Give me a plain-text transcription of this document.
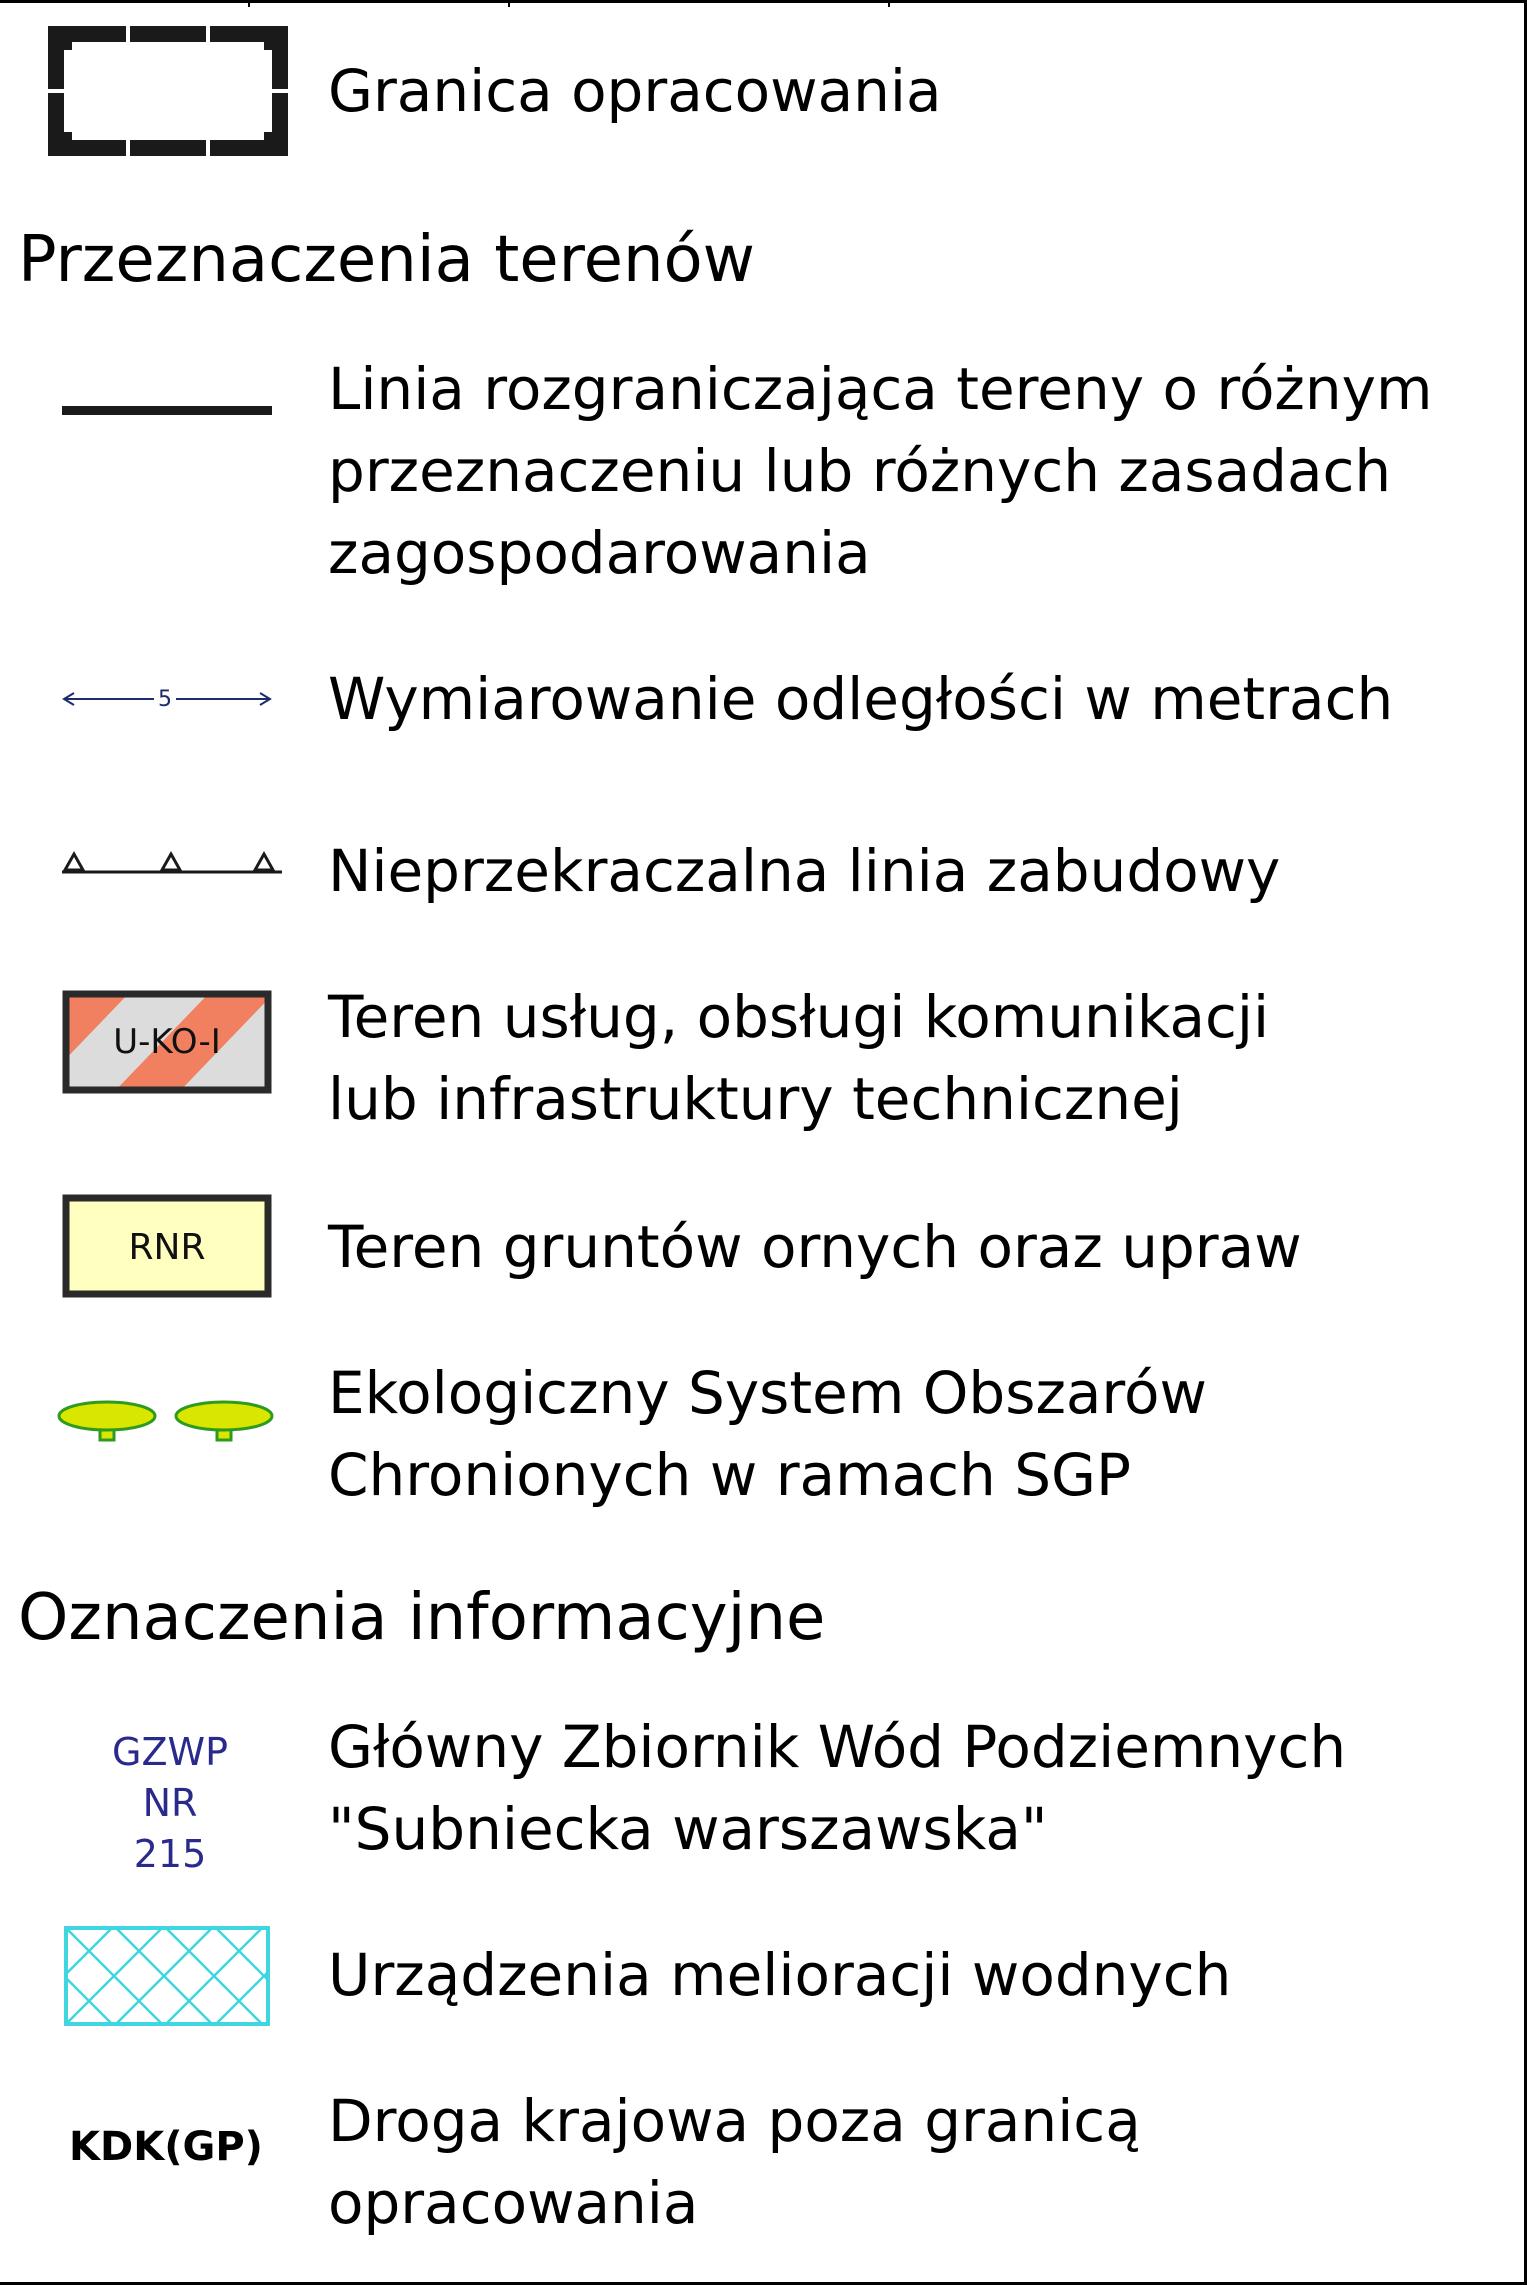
Granica opracowania
Przeznaczenia terenów
Linia rozgraniczająca tereny o różnym
przeznaczeniu lub różnych zasadach
zagospodarowania
5	Wymiarowanie odległości w metrach
Nieprzekraczalna linia zabudowy
U-KO-I Teren usług, obsługi komunikacji
lub infrastruktury technicznej
RNR Teren gruntów ornych oraz upraw
Ekologiczny System Obszarów
Chronionych w ramach SGP
Oznaczenia informacyjne
GZWP
NR
215
Główny Zbiornik Wód Podziemnych
"Subniecka warszawska"
Urządzenia melioracji wodnych
KDK(GP)	Droga krajowa poza granicą
opracowania
